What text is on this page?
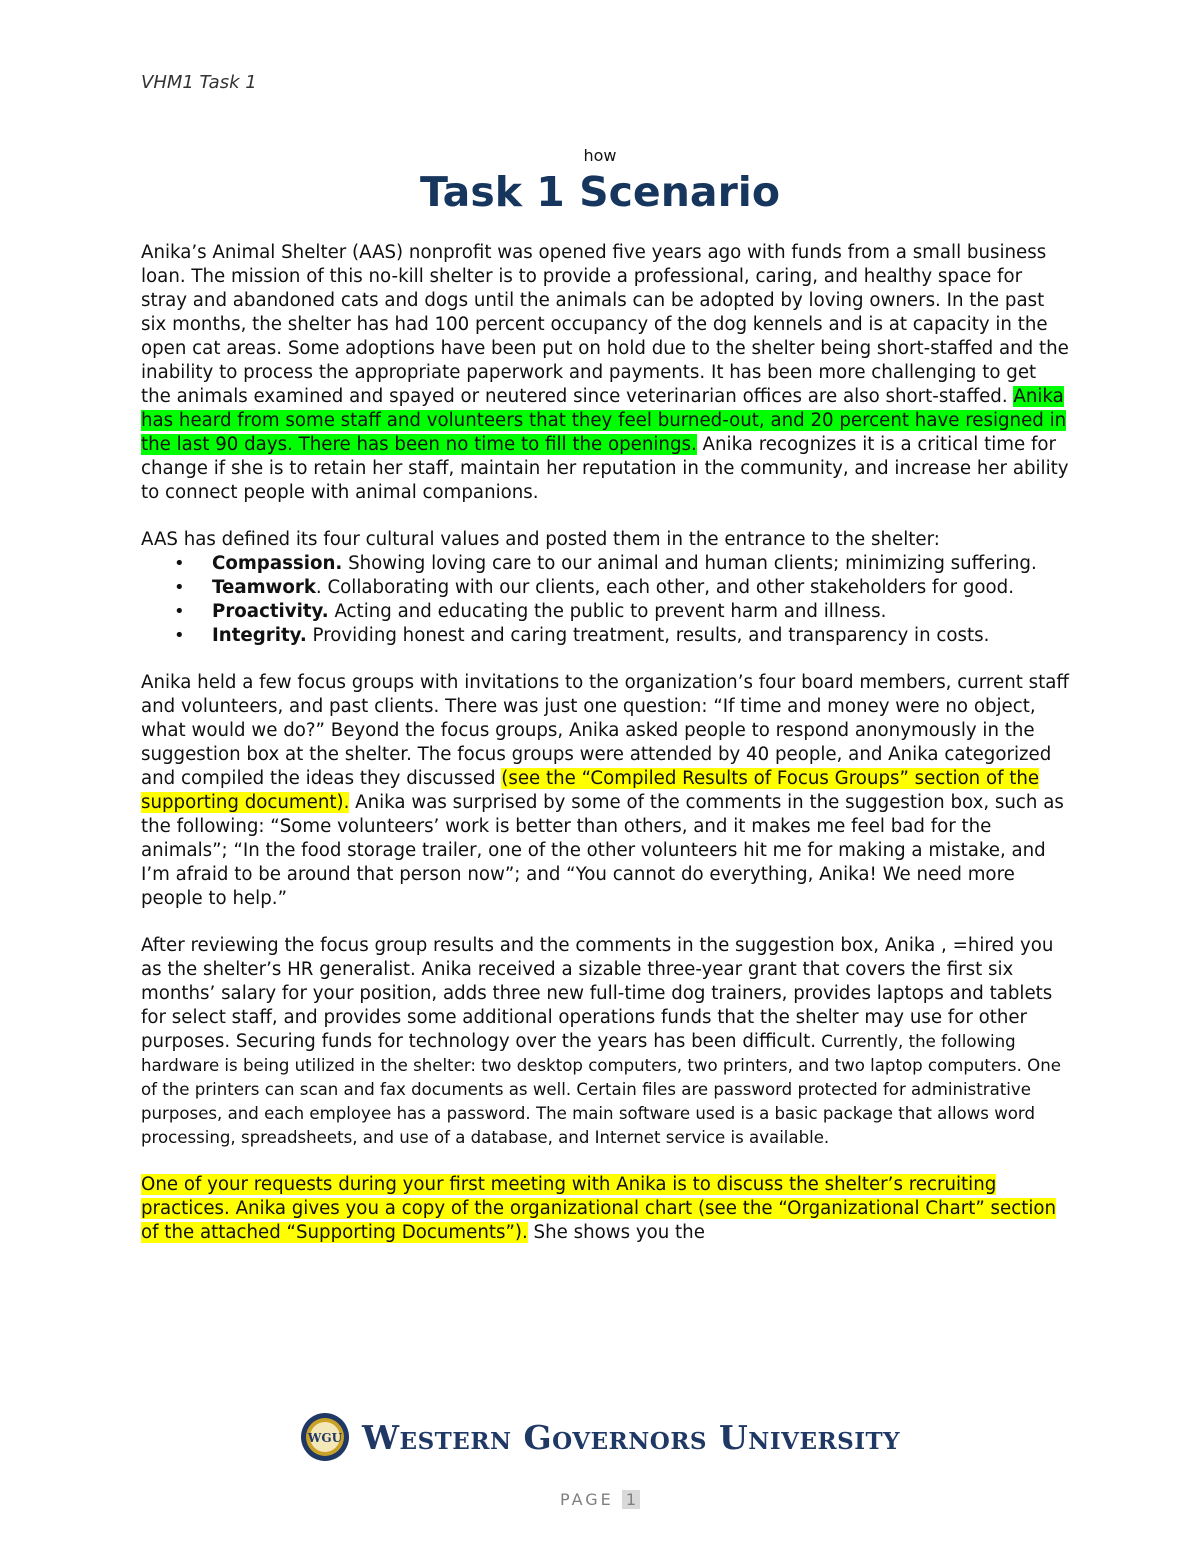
VHM1 Task 1
how
Task 1 Scenario

Anika’s Animal Shelter (AAS) nonprofit was opened five years ago with funds from a small business loan. The mission of this no-kill shelter is to provide a professional, caring, and healthy space for stray and abandoned cats and dogs until the animals can be adopted by loving owners. In the past six months, the shelter has had 100 percent occupancy of the dog kennels and is at capacity in the open cat areas. Some adoptions have been put on hold due to the shelter being short-staffed and the inability to process the appropriate paperwork and payments. It has been more challenging to get the animals examined and spayed or neutered since veterinarian offices are also short-staffed. Anika has heard from some staff and volunteers that they feel burned-out, and 20 percent have resigned in the last 90 days. There has been no time to fill the openings. Anika recognizes it is a critical time for change if she is to retain her staff, maintain her reputation in the community, and increase her ability to connect people with animal companions.

AAS has defined its four cultural values and posted them in the entrance to the shelter:

• Compassion. Showing loving care to our animal and human clients; minimizing suffering.
• Teamwork. Collaborating with our clients, each other, and other stakeholders for good.
• Proactivity. Acting and educating the public to prevent harm and illness.
• Integrity. Providing honest and caring treatment, results, and transparency in costs.

Anika held a few focus groups with invitations to the organization’s four board members, current staff and volunteers, and past clients. There was just one question: “If time and money were no object, what would we do?” Beyond the focus groups, Anika asked people to respond anonymously in the suggestion box at the shelter. The focus groups were attended by 40 people, and Anika categorized and compiled the ideas they discussed (see the “Compiled Results of Focus Groups” section of the supporting document). Anika was surprised by some of the comments in the suggestion box, such as the following: “Some volunteers’ work is better than others, and it makes me feel bad for the animals”; “In the food storage trailer, one of the other volunteers hit me for making a mistake, and I’m afraid to be around that person now”; and “You cannot do everything, Anika! We need more people to help.”

After reviewing the focus group results and the comments in the suggestion box, Anika , =hired you as the shelter’s HR generalist. Anika received a sizable three-year grant that covers the first six months’ salary for your position, adds three new full-time dog trainers, provides laptops and tablets for select staff, and provides some additional operations funds that the shelter may use for other purposes. Securing funds for technology over the years has been difficult. Currently, the following hardware is being utilized in the shelter: two desktop computers, two printers, and two laptop computers. One of the printers can scan and fax documents as well. Certain files are password protected for administrative purposes, and each employee has a password. The main software used is a basic package that allows word processing, spreadsheets, and use of a database, and Internet service is available.

One of your requests during your first meeting with Anika is to discuss the shelter’s recruiting practices. Anika gives you a copy of the organizational chart (see the “Organizational Chart” section of the attached “Supporting Documents”). She shows you the

WGU Western Governors University
PAGE 1
